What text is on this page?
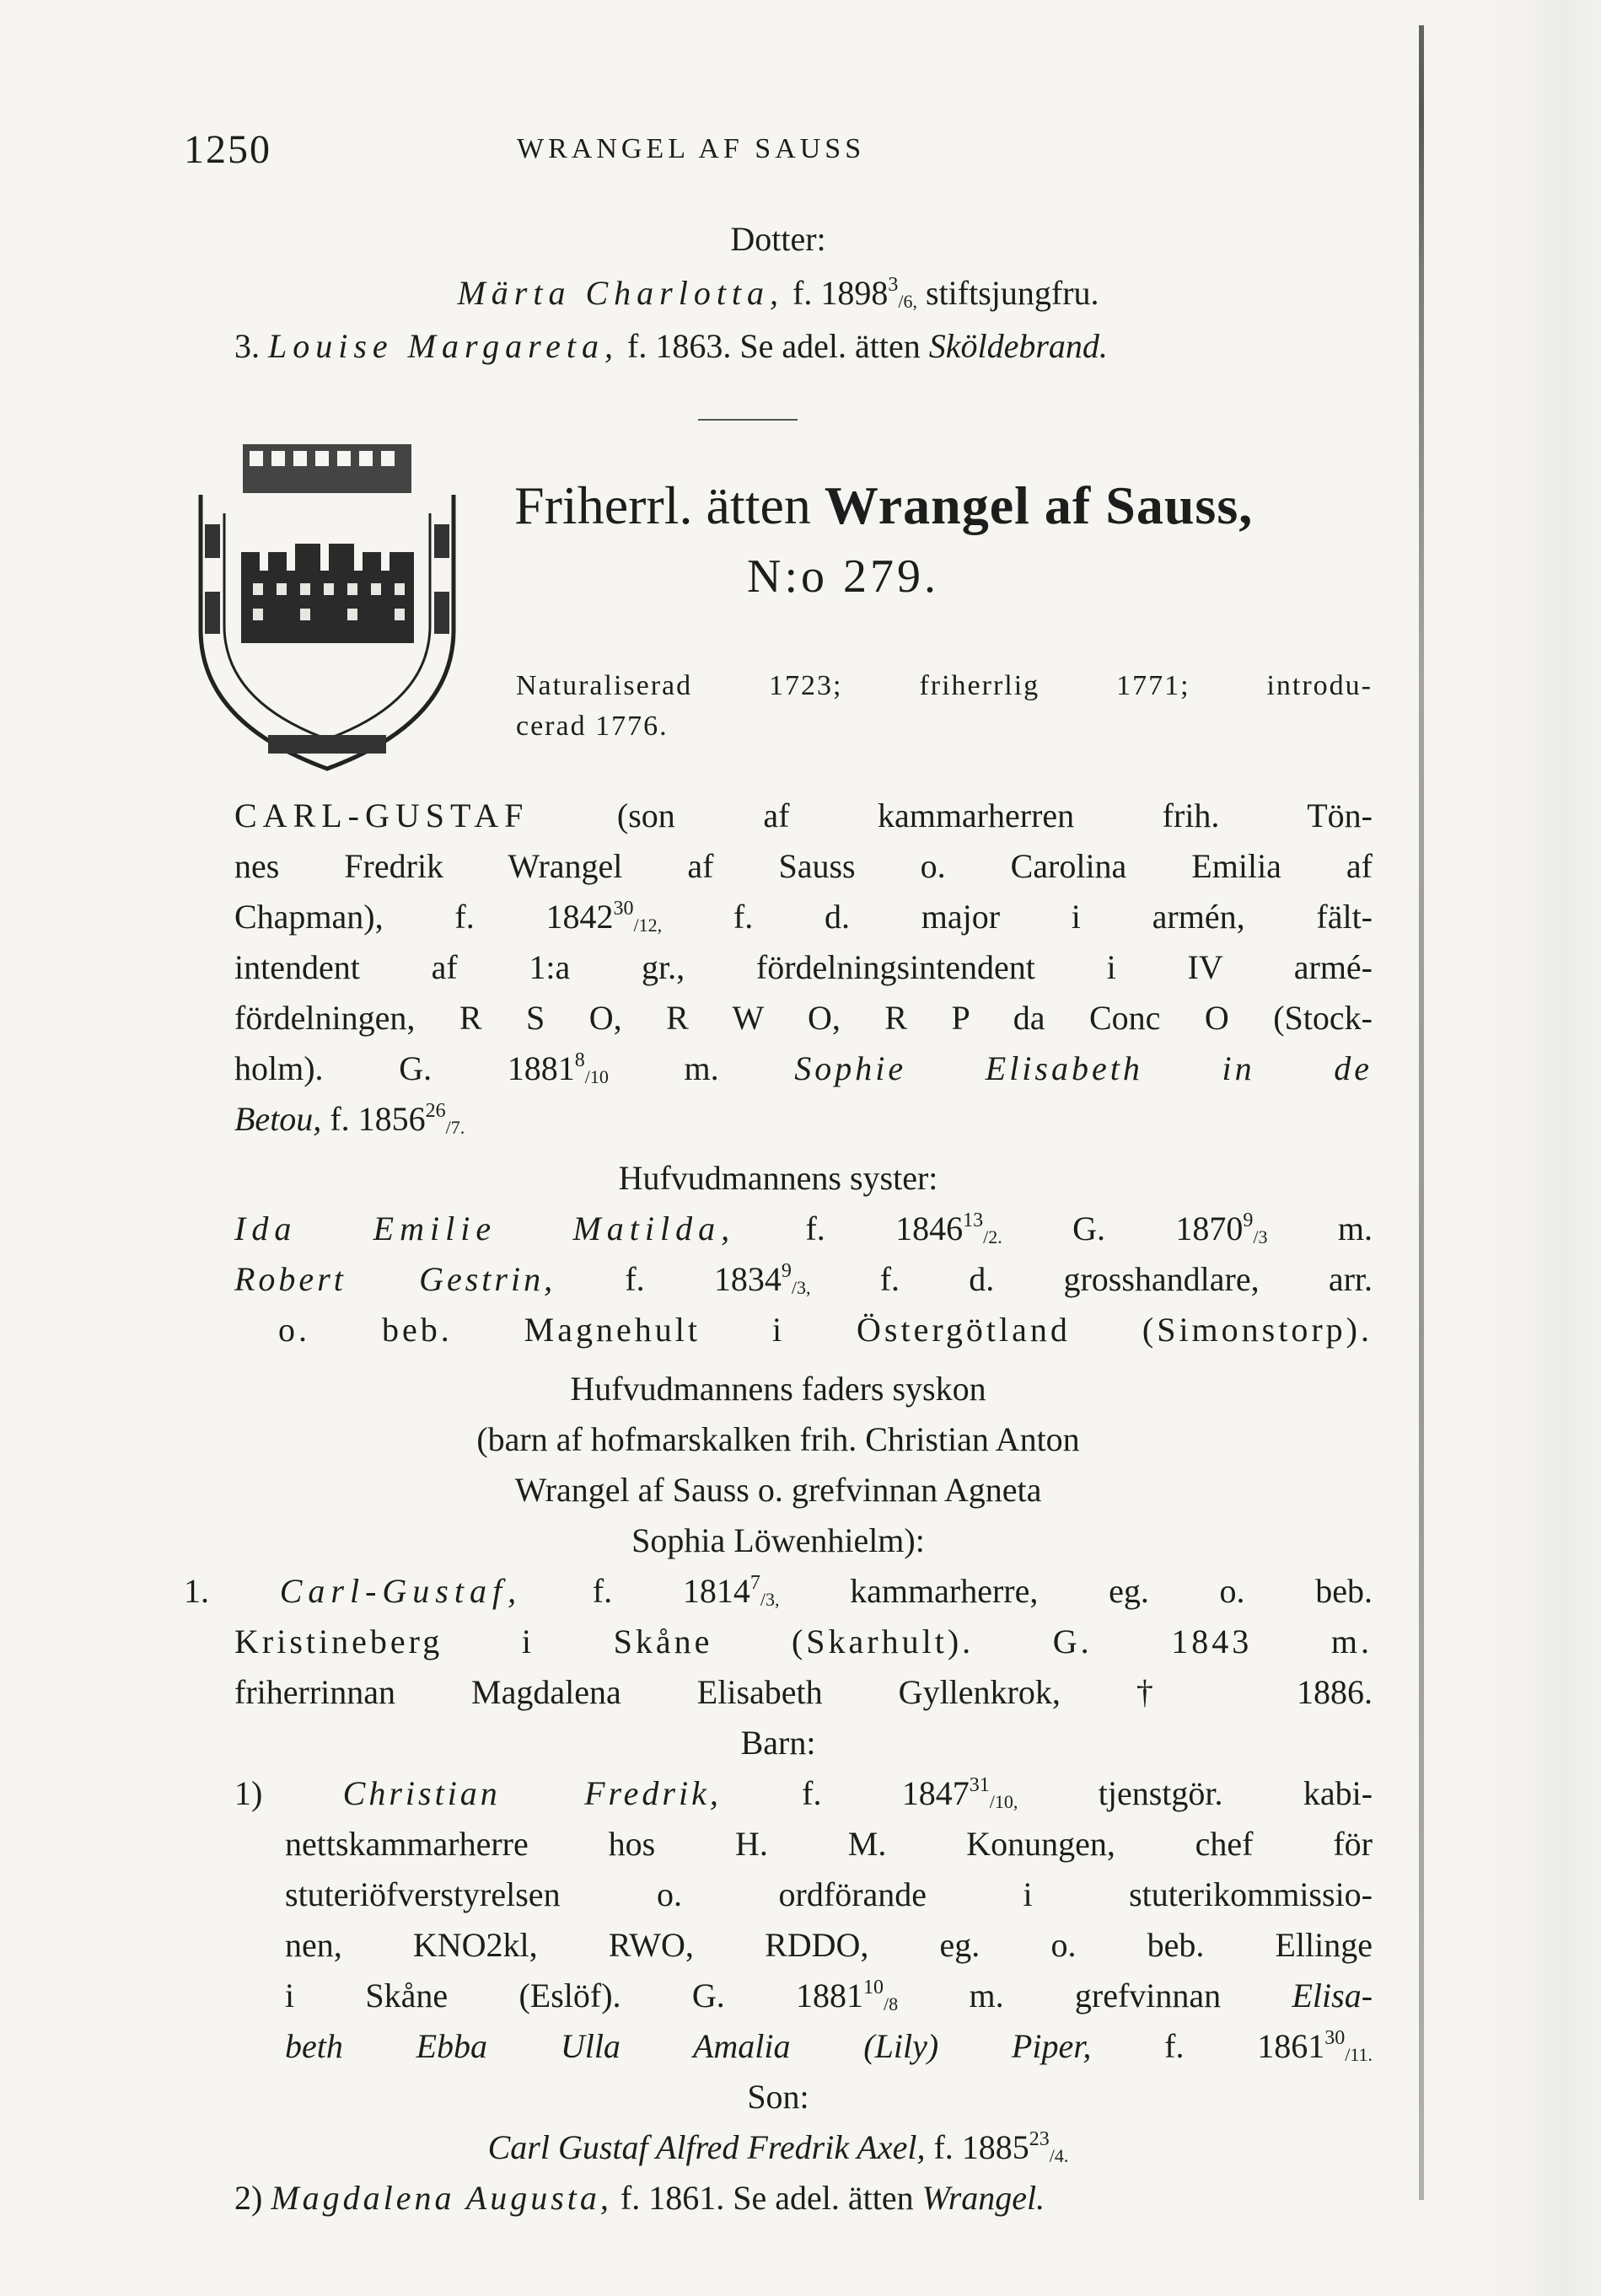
1250	WRANGEL AF SAUSS
Dotter:
Märta Charlotta, f. $1898^3_{/6,}$ stiftsjungfru.
3. Louise Margareta, f. 1863. Se adel. ätten Sköldebrand.
Friherrl. ätten Wrangel af Sauss,
N:o 279.
Naturaliserad 1723; friherrlig 1771; introdu-
cerad 1776.
CARL-GUSTAF	(son af kammarherren frih. Tön-
nes Fredrik Wrangel af Sauss o. Carolina Emilia af
Chapman), f. $1842^{30}_{/12,}$ f. d. major i armén, fält-
intendent af 1:a gr., fördelningsintendent i IV armé-
fördelningen, R S O, R W O, R P da Conc O (Stock-
holm). G. $1881^8_{/10}$ m. Sophie Elisabeth in de
Betou, f. $1856^{26}_{/7.}$
Hufvudmannens syster:
Ida Emilie Matilda, f. $1846^{13}_{/2.}$ G. $1870^9_{/3}$ m.
Robert Gestrin, f. $1834^9_{/3,}$ f. d. grosshandlare, arr.
o. beb. Magnehult i Östergötland (Simonstorp).
Hufvudmannens faders syskon
(barn af hofmarskalken frih. Christian Anton
Wrangel af Sauss o. grefvinnan Agneta
Sophia Löwenhielm):
1. Carl-Gustaf, f. $1814^7_{/3,}$ kammarherre, eg. o. beb.
Kristineberg i Skåne (Skarhult). G. 1843 m.
friherrinnan Magdalena Elisabeth Gyllenkrok, † 1886.
Barn:
1) Christian Fredrik, f. $1847^{31}_{/10,}$ tjenstgör. kabi-
nettskammarherre hos H. M. Konungen, chef för
stuteriöfverstyrelsen o. ordförande i stuterikommissio-
nen, KNO2kl, RWO, RDDO, eg. o. beb. Ellinge
i Skåne (Eslöf). G. $1881^{10}_{/8}$ m. grefvinnan Elisa-
beth Ebba Ulla Amalia (Lily) Piper, f. $1861^{30}_{/11.}$
Son:
Carl Gustaf Alfred Fredrik Axel, f. $1885^{23}_{/4.}$
2) Magdalena Augusta, f. 1861. Se adel. ätten Wrangel.
